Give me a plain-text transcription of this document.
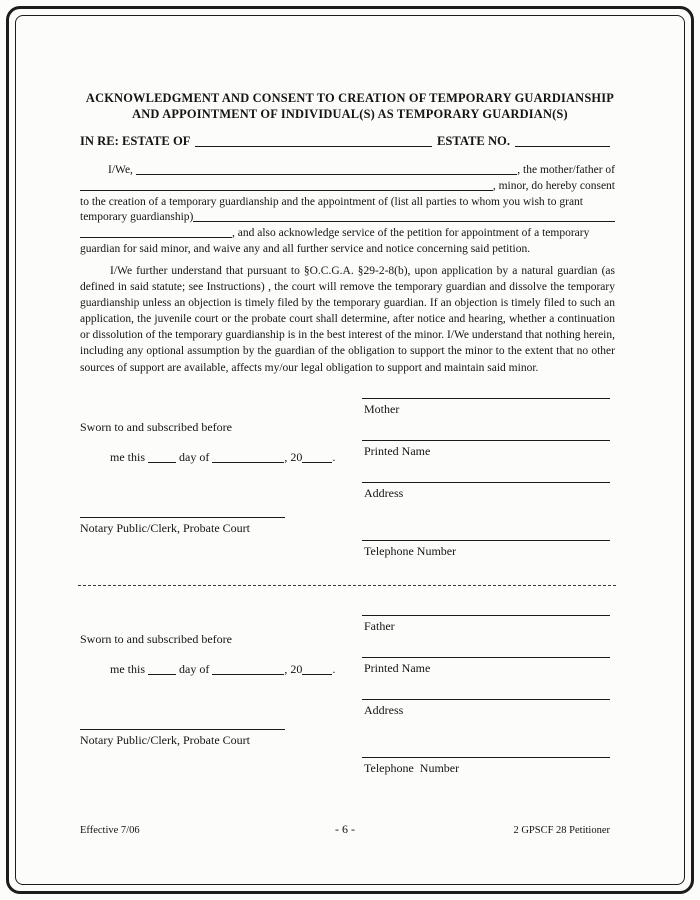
ACKNOWLEDGMENT AND CONSENT TO CREATION OF TEMPORARY GUARDIANSHIP
AND APPOINTMENT OF INDIVIDUAL(S) AS TEMPORARY GUARDIAN(S)
IN RE: ESTATE OF	ESTATE NO.
I/We,	, the mother/father of
, minor, do hereby consent
to the creation of a temporary guardianship and the appointment of (list all parties to whom you wish to grant
temporary guardianship)
, and also acknowledge service of the petition for appointment of a temporary
guardian for said minor, and waive any and all further service and notice concerning said petition.
I/We further understand that pursuant to §O.C.G.A. §29-2-8(b), upon application by a natural guardian (as defined in said statute; see Instructions) , the court will remove the temporary guardian and dissolve the temporary guardianship unless an objection is timely filed by the temporary guardian. If an objection is timely filed to such an application, the juvenile court or the probate court shall determine, after notice and hearing, whether a continuation or dissolution of the temporary guardianship is in the best interest of the minor. I/We understand that nothing herein, including any optional assumption by the guardian of the obligation to support the minor to the extent that no other sources of support are available, affects my/our legal obligation to support and maintain said minor.
Sworn to and subscribed before

me this  day of	, 20	.

Notary Public/Clerk, Probate Court
Mother
Printed Name
Address
Telephone Number
Sworn to and subscribed before

me this  day of	, 20	.

Notary Public/Clerk, Probate Court
Father
Printed Name
Address
Telephone  Number
Effective 7/06	- 6 -	2 GPSCF 28 Petitioner
